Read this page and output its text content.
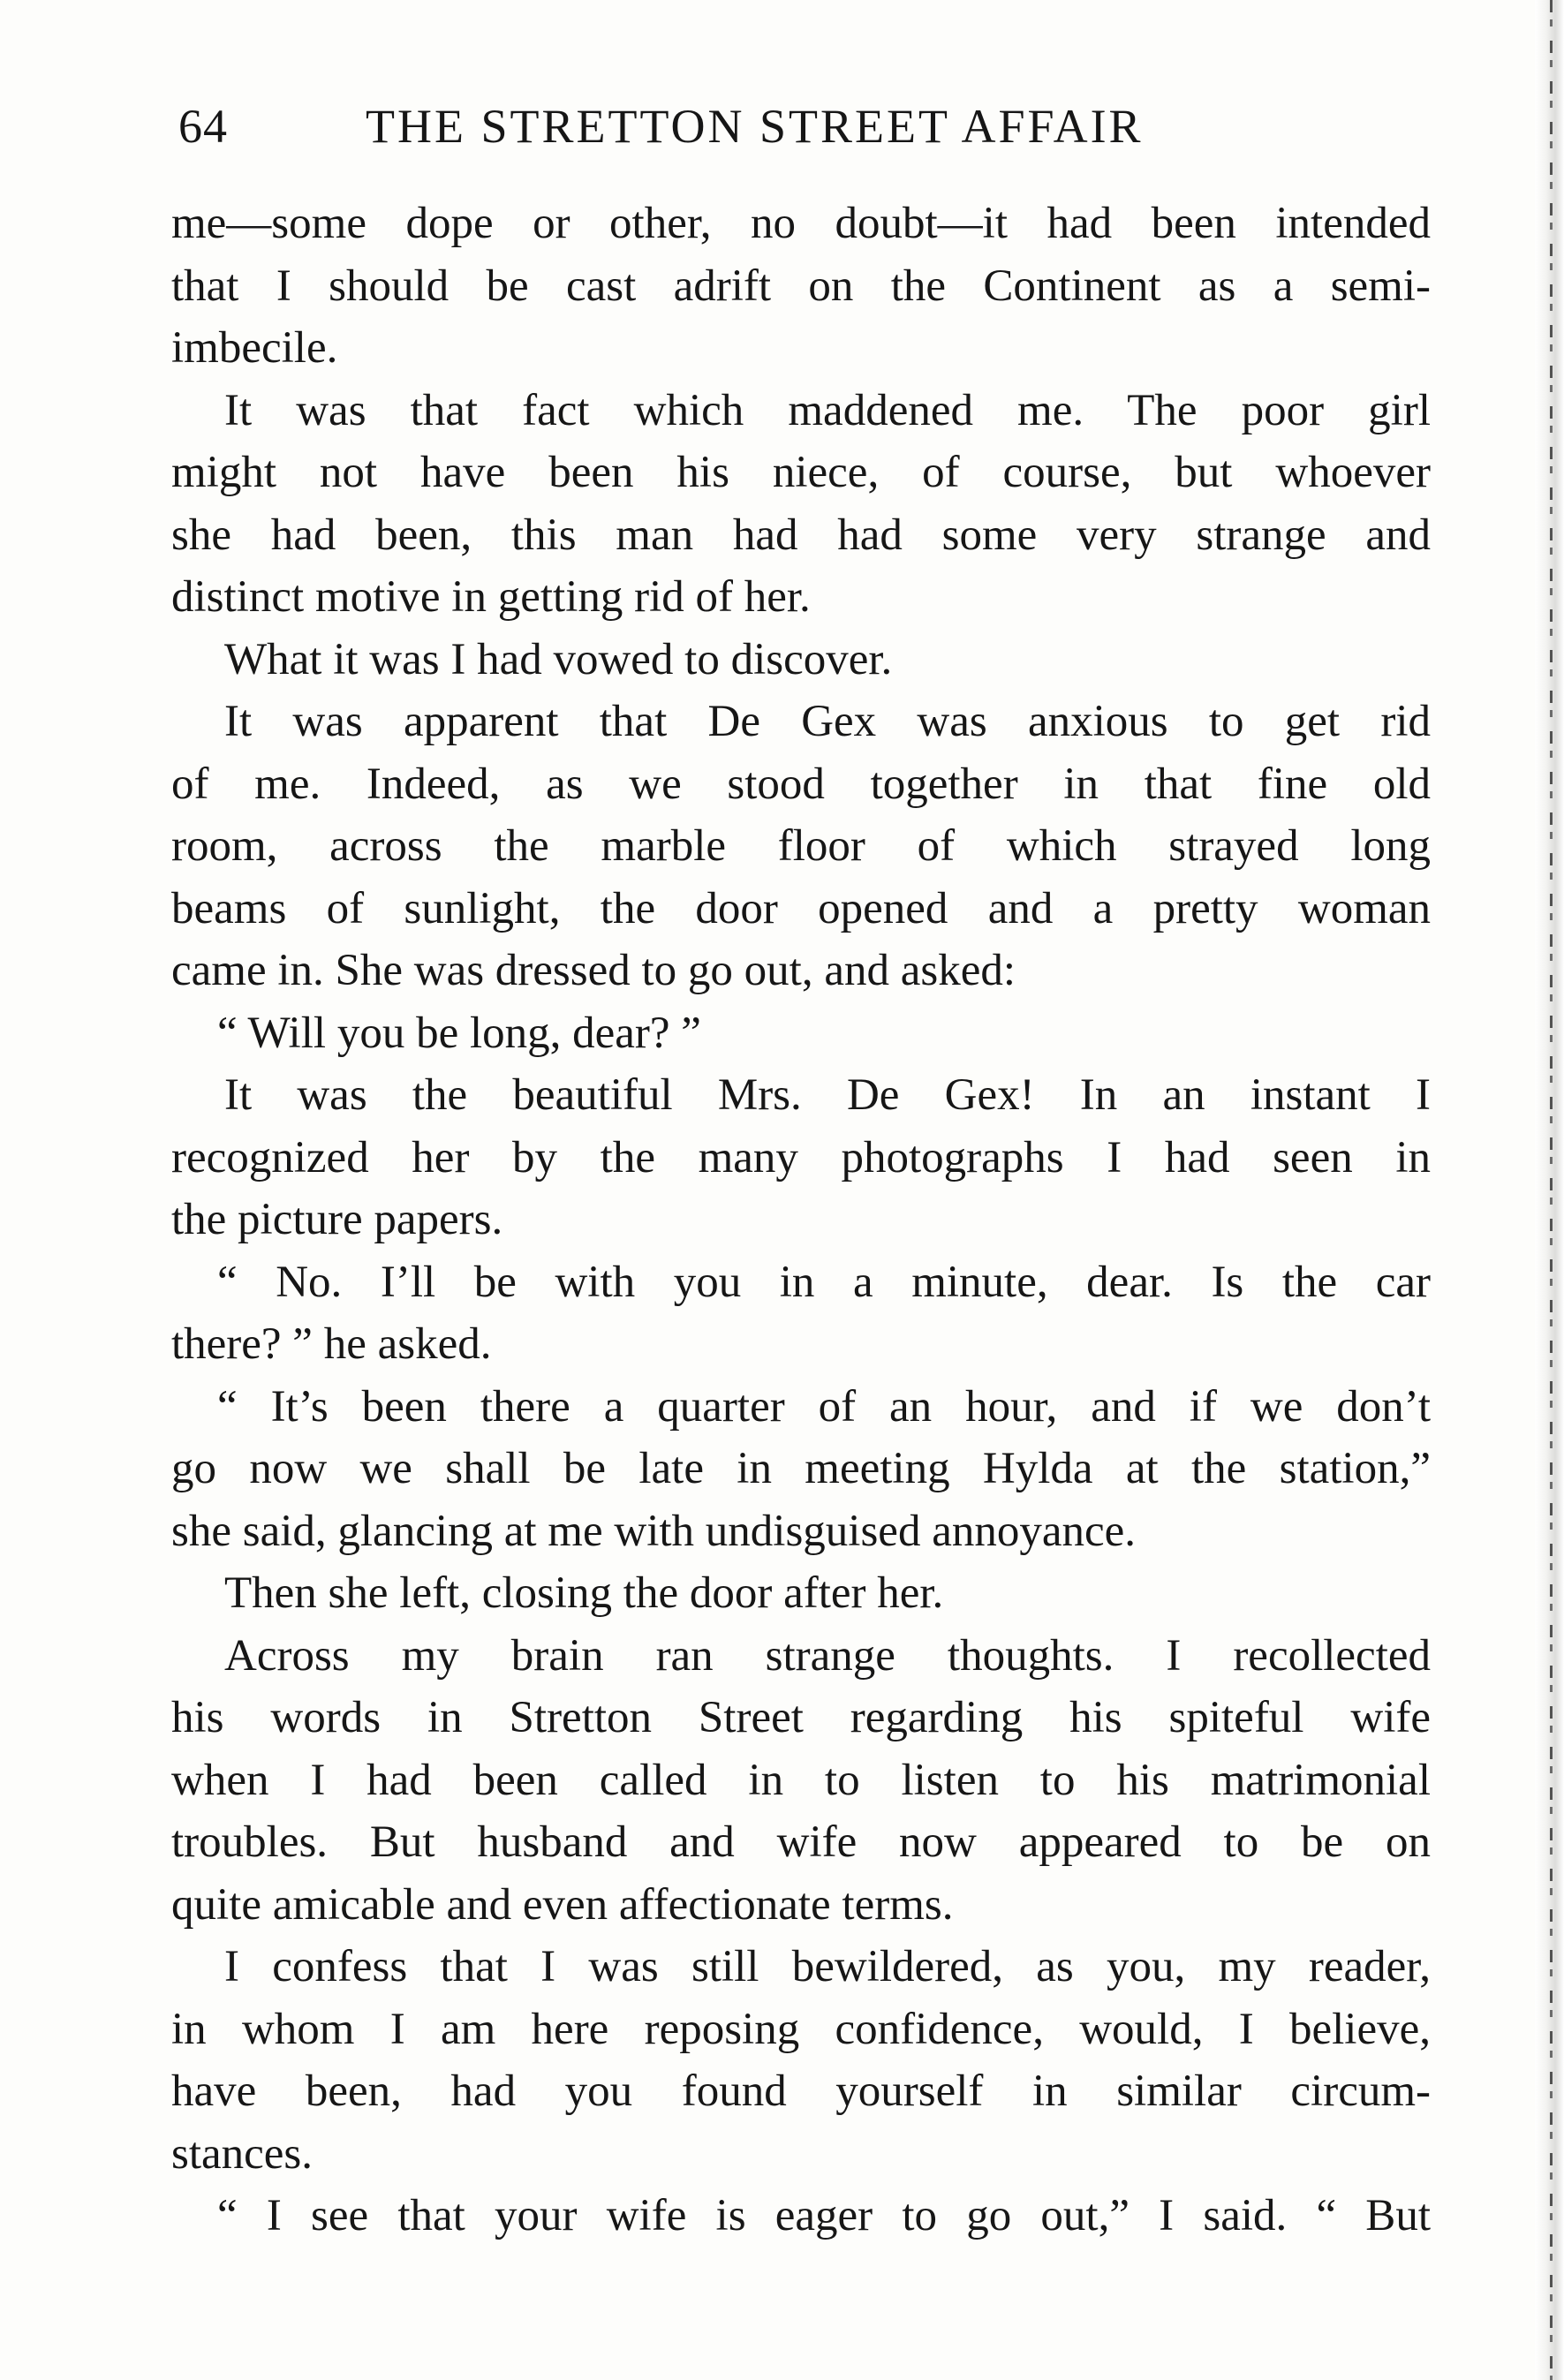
64	THE STRETTON STREET AFFAIR
me—some dope or other, no doubt—it had been intended
that I should be cast adrift on the Continent as a semi-
imbecile.
It was that fact which maddened me. The poor girl
might not have been his niece, of course, but whoever
she had been, this man had had some very strange and
distinct motive in getting rid of her.
What it was I had vowed to discover.
It was apparent that De Gex was anxious to get rid
of me. Indeed, as we stood together in that fine old
room, across the marble floor of which strayed long
beams of sunlight, the door opened and a pretty woman
came in. She was dressed to go out, and asked:
“ Will you be long, dear? ”
It was the beautiful Mrs. De Gex! In an instant I
recognized her by the many photographs I had seen in
the picture papers.
“ No. I’ll be with you in a minute, dear. Is the car
there? ” he asked.
“ It’s been there a quarter of an hour, and if we don’t
go now we shall be late in meeting Hylda at the station,”
she said, glancing at me with undisguised annoyance.
Then she left, closing the door after her.
Across my brain ran strange thoughts. I recollected
his words in Stretton Street regarding his spiteful wife
when I had been called in to listen to his matrimonial
troubles. But husband and wife now appeared to be on
quite amicable and even affectionate terms.
I confess that I was still bewildered, as you, my reader,
in whom I am here reposing confidence, would, I believe,
have been, had you found yourself in similar circum-
stances.
“ I see that your wife is eager to go out,” I said. “ But
